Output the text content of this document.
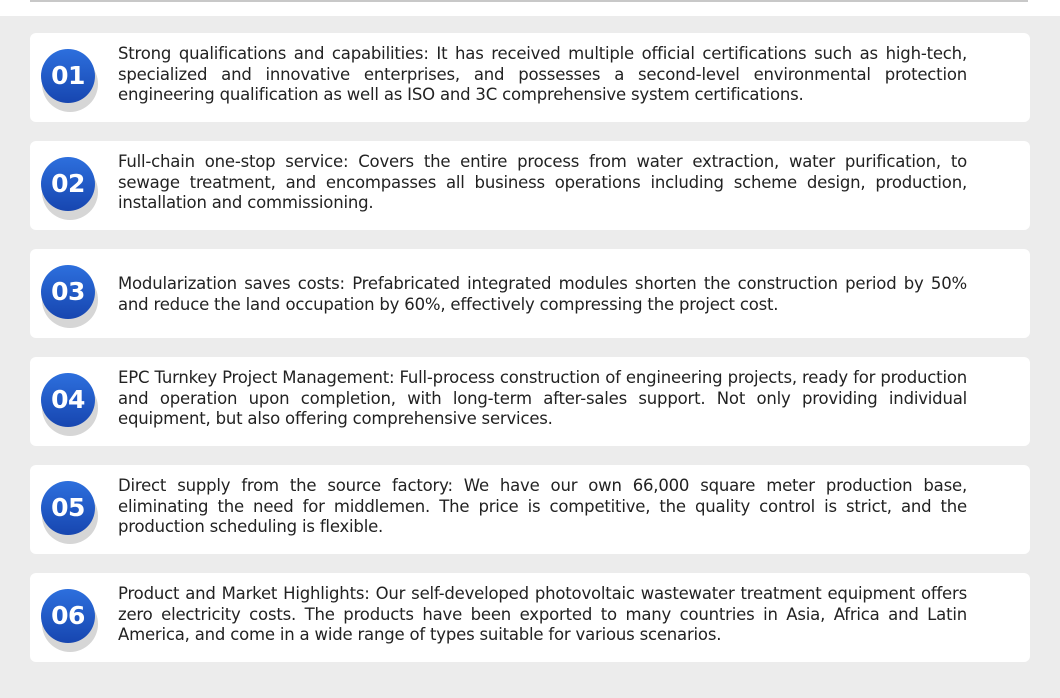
01
Strong qualifications and capabilities: It has received multiple official certifications such as high-tech, specialized and innovative enterprises, and possesses a second-level environmental protection engineering qualification as well as ISO and 3C comprehensive system certifications.
02
Full-chain one-stop service: Covers the entire process from water extraction, water purification, to sewage treatment, and encompasses all business operations including scheme design, production, installation and commissioning.
03	Modularization saves costs: Prefabricated integrated modules shorten the construction period by 50% and reduce the land occupation by 60%, effectively compressing the project cost.
04
EPC Turnkey Project Management: Full-process construction of engineering projects, ready for production and operation upon completion, with long-term after-sales support. Not only providing individual equipment, but also offering comprehensive services.
05
Direct supply from the source factory: We have our own 66,000 square meter production base, eliminating the need for middlemen. The price is competitive, the quality control is strict, and the production scheduling is flexible.
06
Product and Market Highlights: Our self-developed photovoltaic wastewater treatment equipment offers zero electricity costs. The products have been exported to many countries in Asia, Africa and Latin America, and come in a wide range of types suitable for various scenarios.
